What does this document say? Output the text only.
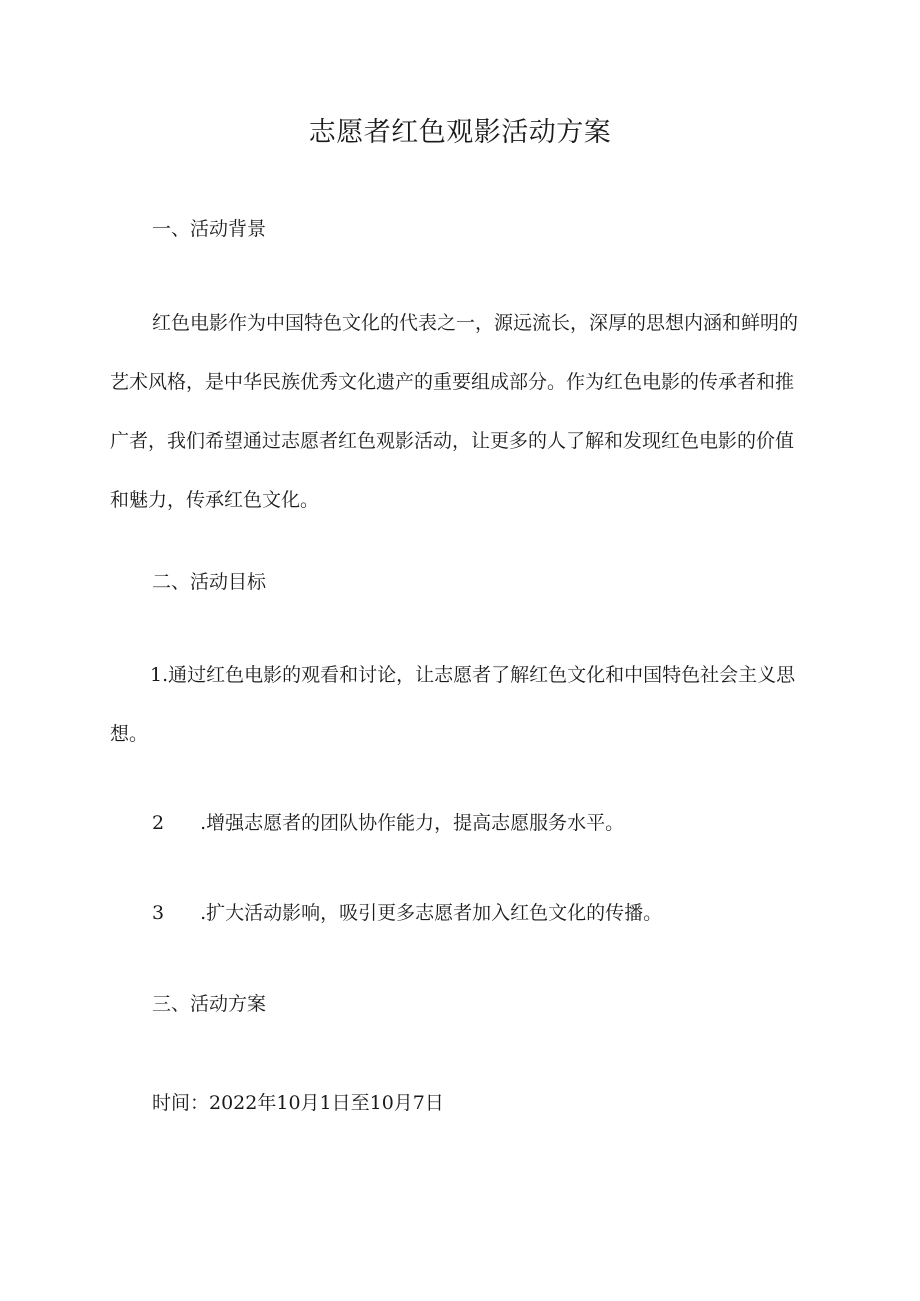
志愿者红色观影活动方案
一、活动背景
红色电影作为中国特色文化的代表之一，源远流长，深厚的思想内涵和鲜明的艺术风格，是中华民族优秀文化遗产的重要组成部分。作为红色电影的传承者和推广者，我们希望通过志愿者红色观影活动，让更多的人了解和发现红色电影的价值和魅力，传承红色文化。
二、活动目标
1.通过红色电影的观看和讨论，让志愿者了解红色文化和中国特色社会主义思想。
2 .增强志愿者的团队协作能力，提高志愿服务水平。
3 .扩大活动影响，吸引更多志愿者加入红色文化的传播。
三、活动方案
时间：2022年10月1日至10月7日
